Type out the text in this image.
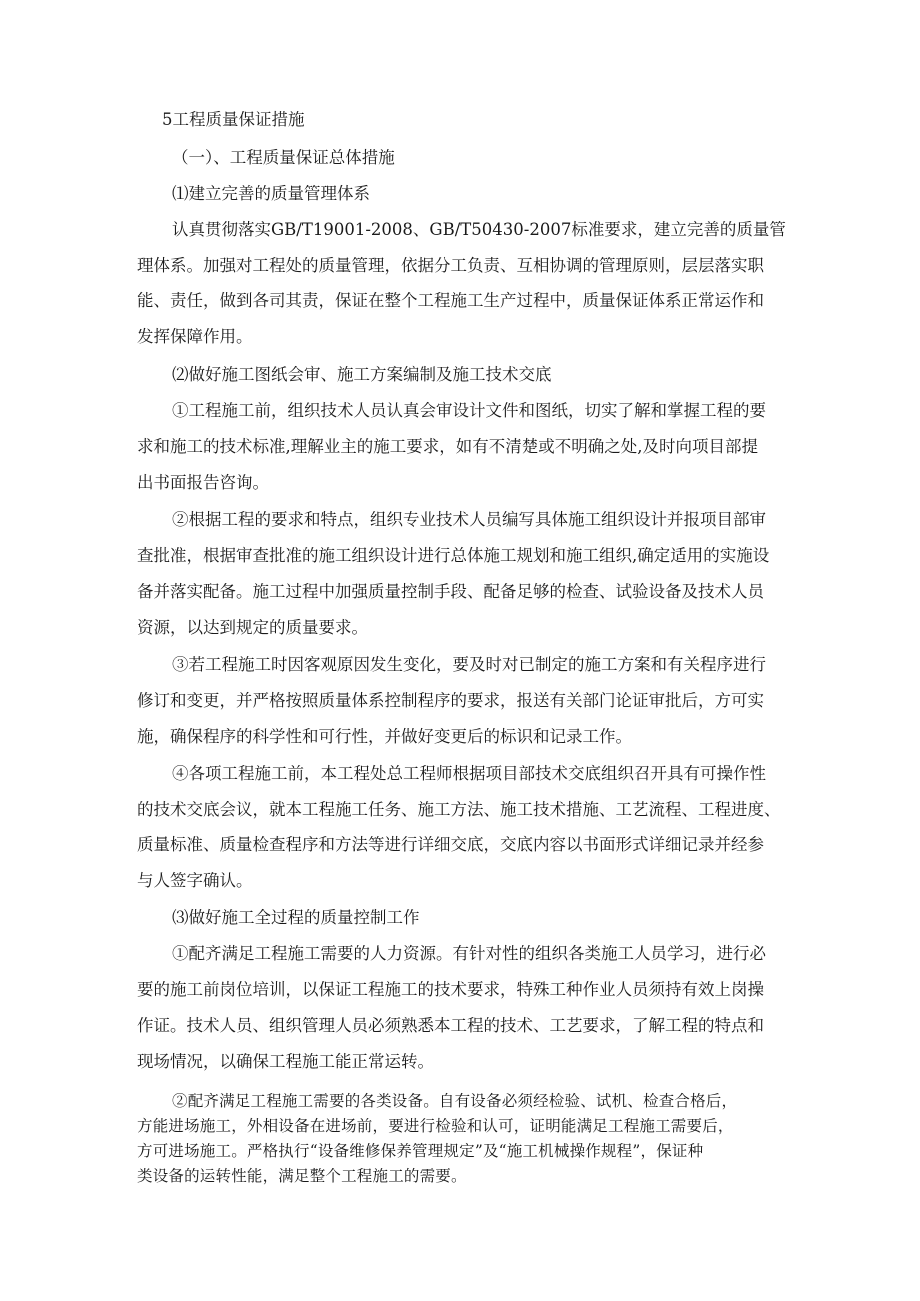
5工程质量保证措施
（一）、工程质量保证总体措施
⑴建立完善的质量管理体系
认真贯彻落实GB/T19001-2008、GB/T50430-2007标准要求，建立完善的质量管
理体系。加强对工程处的质量管理，依据分工负责、互相协调的管理原则，层层落实职
能、责任，做到各司其责，保证在整个工程施工生产过程中，质量保证体系正常运作和
发挥保障作用。
⑵做好施工图纸会审、施工方案编制及施工技术交底
①工程施工前，组织技术人员认真会审设计文件和图纸，切实了解和掌握工程的要
求和施工的技术标准,理解业主的施工要求，如有不清楚或不明确之处,及时向项目部提
出书面报告咨询。
②根据工程的要求和特点，组织专业技术人员编写具体施工组织设计并报项目部审
查批准，根据审查批准的施工组织设计进行总体施工规划和施工组织,确定适用的实施设
备并落实配备。施工过程中加强质量控制手段、配备足够的检查、试验设备及技术人员
资源，以达到规定的质量要求。
③若工程施工时因客观原因发生变化，要及时对已制定的施工方案和有关程序进行
修订和变更，并严格按照质量体系控制程序的要求，报送有关部门论证审批后，方可实
施，确保程序的科学性和可行性，并做好变更后的标识和记录工作。
④各项工程施工前，本工程处总工程师根据项目部技术交底组织召开具有可操作性
的技术交底会议，就本工程施工任务、施工方法、施工技术措施、工艺流程、工程进度、
质量标准、质量检查程序和方法等进行详细交底，交底内容以书面形式详细记录并经参
与人签字确认。
⑶做好施工全过程的质量控制工作
①配齐满足工程施工需要的人力资源。有针对性的组织各类施工人员学习，进行必
要的施工前岗位培训，以保证工程施工的技术要求，特殊工种作业人员须持有效上岗操
作证。技术人员、组织管理人员必须熟悉本工程的技术、工艺要求，了解工程的特点和
现场情况，以确保工程施工能正常运转。
②配齐满足工程施工需要的各类设备。自有设备必须经检验、试机、检查合格后，
方能进场施工，外相设备在进场前，要进行检验和认可，证明能满足工程施工需要后，
方可进场施工。严格执行“设备维修保养管理规定”及“施工机械操作规程”，保证种
类设备的运转性能，满足整个工程施工的需要。
